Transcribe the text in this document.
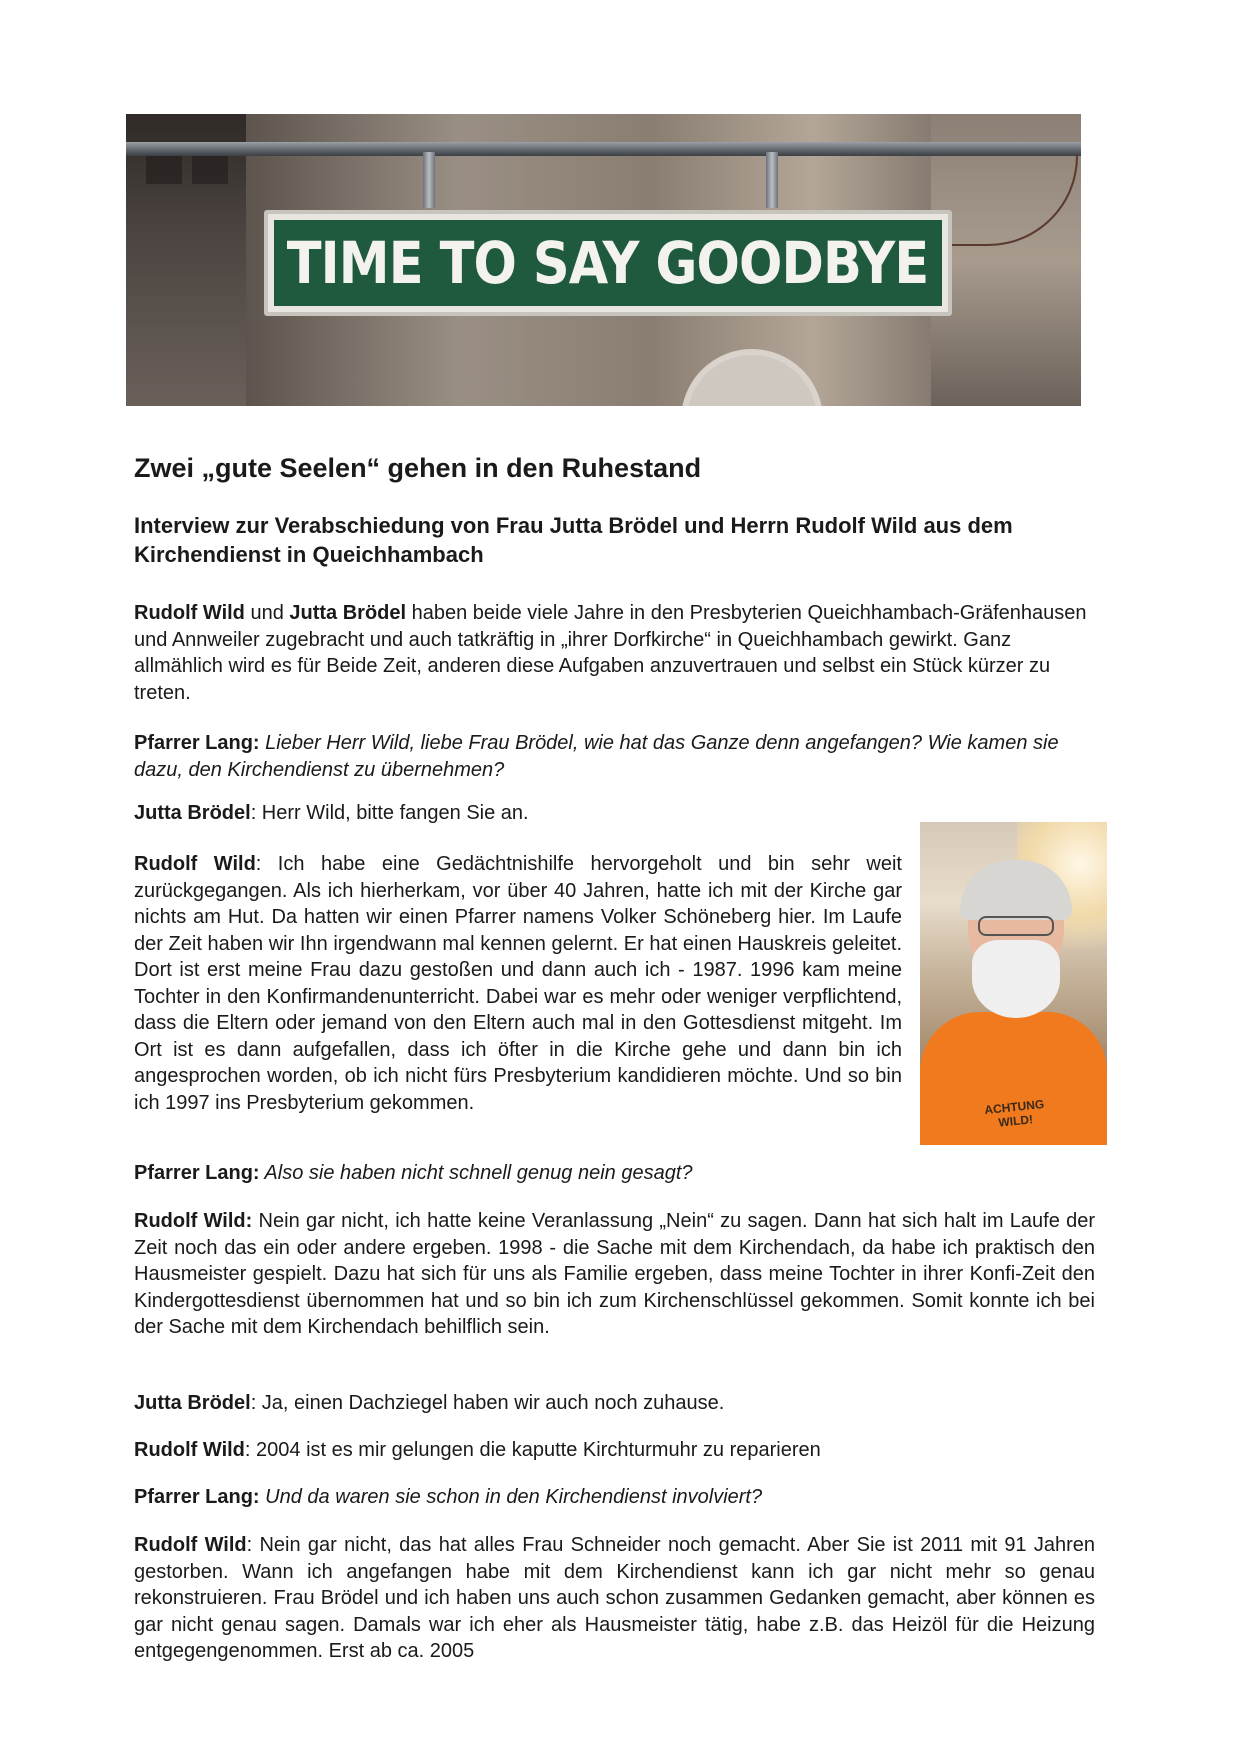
TIME TO SAY GOODBYE
Zwei „gute Seelen“ gehen in den Ruhestand
Interview zur Verabschiedung von Frau Jutta Brödel und Herrn Rudolf Wild aus dem Kirchendienst in Queichhambach

Rudolf Wild und Jutta Brödel haben beide viele Jahre in den Presbyterien Queichhambach-Gräfenhausen und Annweiler zugebracht und auch tatkräftig in „ihrer Dorfkirche“ in Queichhambach gewirkt. Ganz allmählich wird es für Beide Zeit, anderen diese Aufgaben anzuvertrauen und selbst ein Stück kürzer zu treten.

Pfarrer Lang: Lieber Herr Wild, liebe Frau Brödel, wie hat das Ganze denn angefangen? Wie kamen sie dazu, den Kirchendienst zu übernehmen?

Jutta Brödel: Herr Wild, bitte fangen Sie an.

Rudolf Wild: Ich habe eine Gedächtnishilfe hervorgeholt und bin sehr weit zurückgegangen. Als ich hierherkam, vor über 40 Jahren, hatte ich mit der Kirche gar nichts am Hut. Da hatten wir einen Pfarrer namens Volker Schöneberg hier. Im Laufe der Zeit haben wir Ihn irgendwann mal kennen gelernt. Er hat einen Hauskreis geleitet. Dort ist erst meine Frau dazu gestoßen und dann auch ich - 1987. 1996 kam meine Tochter in den Konfirmandenunterricht. Dabei war es mehr oder weniger verpflichtend, dass die Eltern oder jemand von den Eltern auch mal in den Gottesdienst mitgeht. Im Ort ist es dann aufgefallen, dass ich öfter in die Kirche gehe und dann bin ich angesprochen worden, ob ich nicht fürs Presbyterium kandidieren möchte. Und so bin ich 1997 ins Presbyterium gekommen.	ACHTUNG
WILD!

Pfarrer Lang: Also sie haben nicht schnell genug nein gesagt?

Rudolf Wild: Nein gar nicht, ich hatte keine Veranlassung „Nein“ zu sagen. Dann hat sich halt im Laufe der Zeit noch das ein oder andere ergeben. 1998 - die Sache mit dem Kirchendach, da habe ich praktisch den Hausmeister gespielt. Dazu hat sich für uns als Familie ergeben, dass meine Tochter in ihrer Konfi-Zeit den Kindergottesdienst übernommen hat und so bin ich zum Kirchenschlüssel gekommen. Somit konnte ich bei der Sache mit dem Kirchendach behilflich sein.

Jutta Brödel: Ja, einen Dachziegel haben wir auch noch zuhause.

Rudolf Wild: 2004 ist es mir gelungen die kaputte Kirchturmuhr zu reparieren

Pfarrer Lang: Und da waren sie schon in den Kirchendienst involviert?

Rudolf Wild: Nein gar nicht, das hat alles Frau Schneider noch gemacht. Aber Sie ist 2011 mit 91 Jahren gestorben. Wann ich angefangen habe mit dem Kirchendienst kann ich gar nicht mehr so genau rekonstruieren. Frau Brödel und ich haben uns auch schon zusammen Gedanken gemacht, aber können es gar nicht genau sagen. Damals war ich eher als Hausmeister tätig, habe z.B. das Heizöl für die Heizung entgegengenommen. Erst ab ca. 2005
